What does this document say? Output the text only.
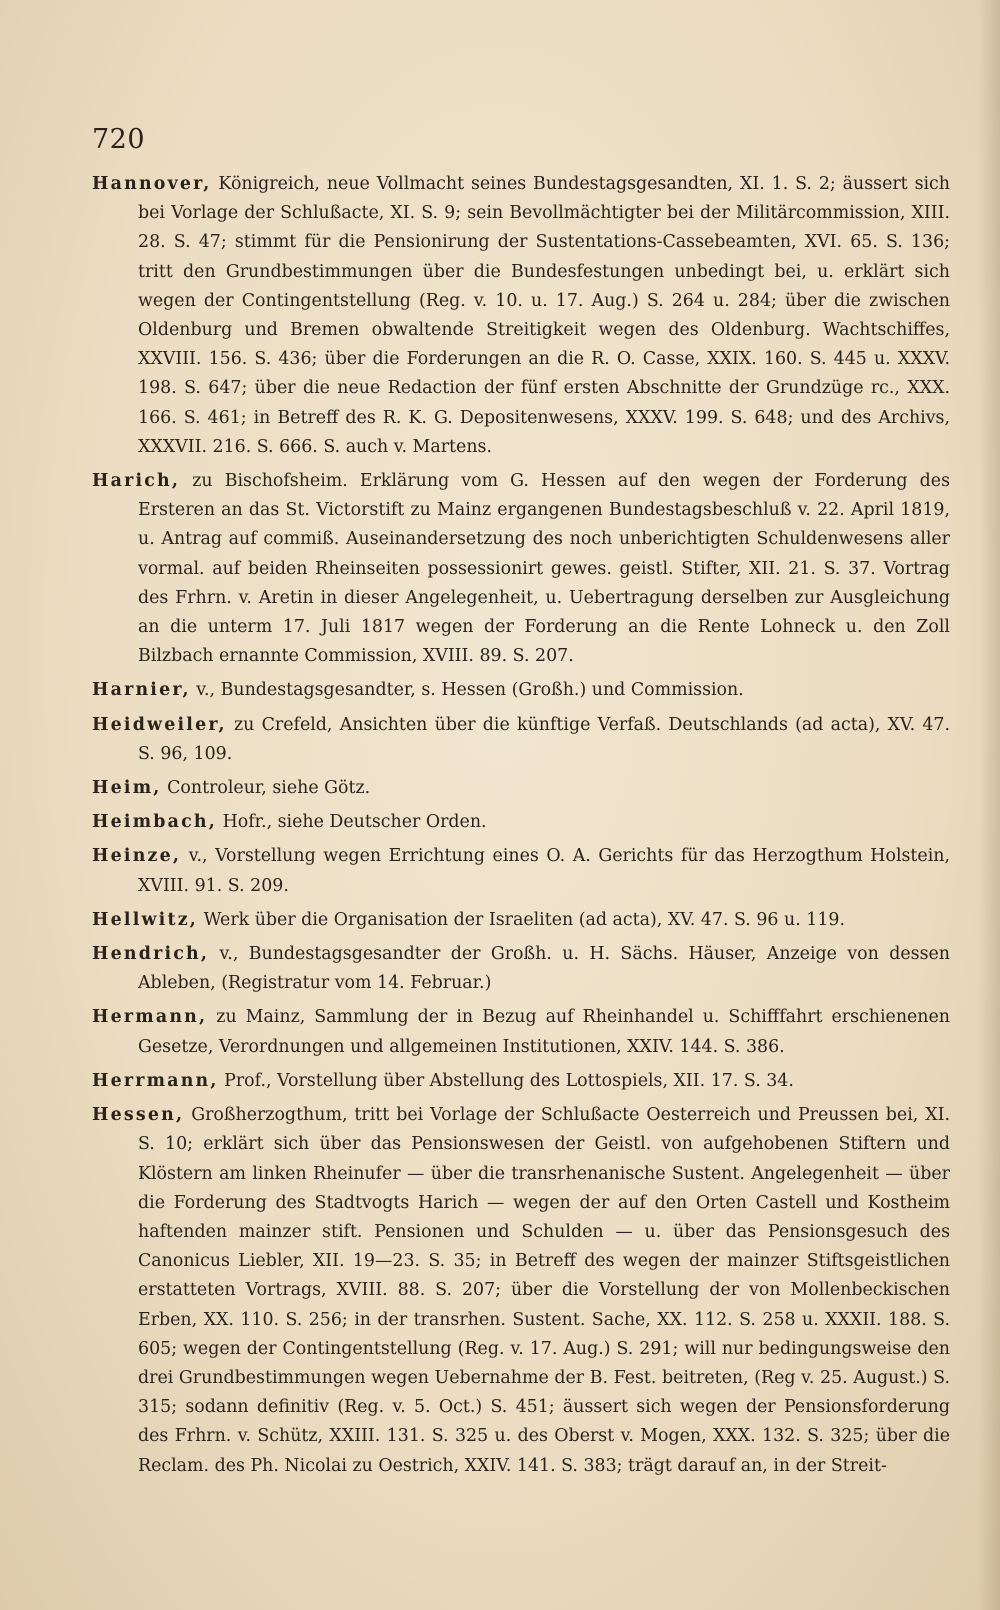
720

Hannover, Königreich, neue Vollmacht seines Bundestagsgesandten, XI. 1. S. 2; äussert sich bei Vorlage der Schlußacte, XI. S. 9; sein Bevollmächtigter bei der Militärcommission, XIII. 28. S. 47; stimmt für die Pensionirung der Sustentations-Cassebeamten, XVI. 65. S. 136; tritt den Grundbestimmungen über die Bundesfestungen unbedingt bei, u. erklärt sich wegen der Contingentstellung (Reg. v. 10. u. 17. Aug.) S. 264 u. 284; über die zwischen Oldenburg und Bremen obwaltende Streitigkeit wegen des Oldenburg. Wachtschiffes, XXVIII. 156. S. 436; über die Forderungen an die R. O. Casse, XXIX. 160. S. 445 u. XXXV. 198. S. 647; über die neue Redaction der fünf ersten Abschnitte der Grundzüge rc., XXX. 166. S. 461; in Betreff des R. K. G. Depositenwesens, XXXV. 199. S. 648; und des Archivs, XXXVII. 216. S. 666. S. auch v. Martens.

Harich, zu Bischofsheim. Erklärung vom G. Hessen auf den wegen der Forderung des Ersteren an das St. Victorstift zu Mainz ergangenen Bundestagsbeschluß v. 22. April 1819, u. Antrag auf commiß. Auseinandersetzung des noch unberichtigten Schuldenwesens aller vormal. auf beiden Rheinseiten possessionirt gewes. geistl. Stifter, XII. 21. S. 37. Vortrag des Frhrn. v. Aretin in dieser Angelegenheit, u. Uebertragung derselben zur Ausgleichung an die unterm 17. Juli 1817 wegen der Forderung an die Rente Lohneck u. den Zoll Bilzbach ernannte Commission, XVIII. 89. S. 207.

Harnier, v., Bundestagsgesandter, s. Hessen (Großh.) und Commission.

Heidweiler, zu Crefeld, Ansichten über die künftige Verfaß. Deutschlands (ad acta), XV. 47. S. 96, 109.

Heim, Controleur, siehe Götz.

Heimbach, Hofr., siehe Deutscher Orden.

Heinze, v., Vorstellung wegen Errichtung eines O. A. Gerichts für das Herzogthum Holstein, XVIII. 91. S. 209.

Hellwitz, Werk über die Organisation der Israeliten (ad acta), XV. 47. S. 96 u. 119.

Hendrich, v., Bundestagsgesandter der Großh. u. H. Sächs. Häuser, Anzeige von dessen Ableben, (Registratur vom 14. Februar.)

Hermann, zu Mainz, Sammlung der in Bezug auf Rheinhandel u. Schifffahrt erschienenen Gesetze, Verordnungen und allgemeinen Institutionen, XXIV. 144. S. 386.

Herrmann, Prof., Vorstellung über Abstellung des Lottospiels, XII. 17. S. 34.

Hessen, Großherzogthum, tritt bei Vorlage der Schlußacte Oesterreich und Preussen bei, XI. S. 10; erklärt sich über das Pensionswesen der Geistl. von aufgehobenen Stiftern und Klöstern am linken Rheinufer — über die transrhenanische Sustent. Angelegenheit — über die Forderung des Stadtvogts Harich — wegen der auf den Orten Castell und Kostheim haftenden mainzer stift. Pensionen und Schulden — u. über das Pensionsgesuch des Canonicus Liebler, XII. 19—23. S. 35; in Betreff des wegen der mainzer Stiftsgeistlichen erstatteten Vortrags, XVIII. 88. S. 207; über die Vorstellung der von Mollenbeckischen Erben, XX. 110. S. 256; in der transrhen. Sustent. Sache, XX. 112. S. 258 u. XXXII. 188. S. 605; wegen der Contingentstellung (Reg. v. 17. Aug.) S. 291; will nur bedingungsweise den drei Grundbestimmungen wegen Uebernahme der B. Fest. beitreten, (Reg v. 25. August.) S. 315; sodann definitiv (Reg. v. 5. Oct.) S. 451; äussert sich wegen der Pensionsforderung des Frhrn. v. Schütz, XXIII. 131. S. 325 u. des Oberst v. Mogen, XXX. 132. S. 325; über die Reclam. des Ph. Nicolai zu Oestrich, XXIV. 141. S. 383; trägt darauf an, in der Streit-
